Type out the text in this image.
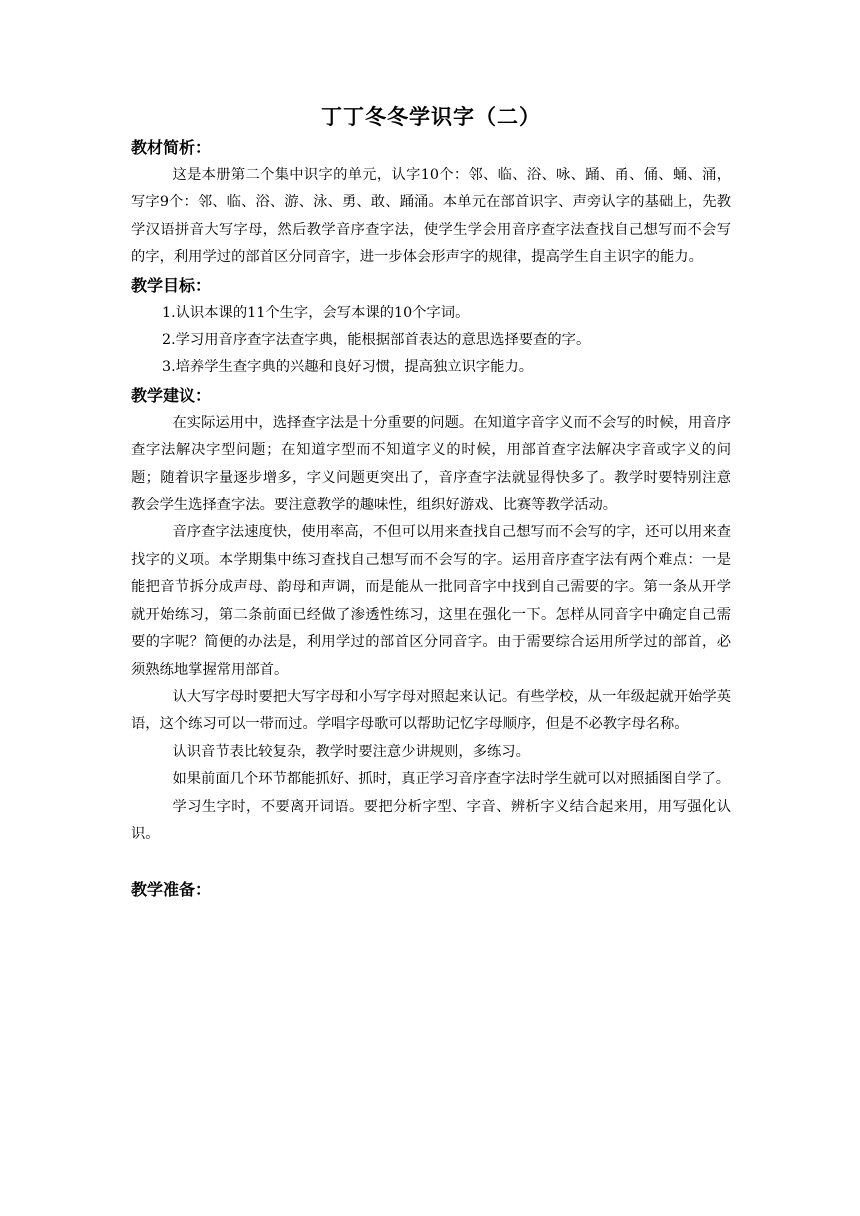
丁丁冬冬学识字（二）
教材简析：

这是本册第二个集中识字的单元，认字10个：邻、临、浴、咏、踊、甬、俑、蛹、涌，写字9个：邻、临、浴、游、泳、勇、敢、踊涌。本单元在部首识字、声旁认字的基础上，先教学汉语拼音大写字母，然后教学音序查字法，使学生学会用音序查字法查找自己想写而不会写的字，利用学过的部首区分同音字，进一步体会形声字的规律，提高学生自主识字的能力。

教学目标：

1.认识本课的11个生字，会写本课的10个字词。

2.学习用音序查字法查字典，能根据部首表达的意思选择要查的字。

3.培养学生查字典的兴趣和良好习惯，提高独立识字能力。

教学建议：

在实际运用中，选择查字法是十分重要的问题。在知道字音字义而不会写的时候，用音序查字法解决字型问题；在知道字型而不知道字义的时候，用部首查字法解决字音或字义的问题；随着识字量逐步增多，字义问题更突出了，音序查字法就显得快多了。教学时要特别注意教会学生选择查字法。要注意教学的趣味性，组织好游戏、比赛等教学活动。

音序查字法速度快，使用率高，不但可以用来查找自己想写而不会写的字，还可以用来查找字的义项。本学期集中练习查找自己想写而不会写的字。运用音序查字法有两个难点：一是能把音节拆分成声母、韵母和声调，而是能从一批同音字中找到自己需要的字。第一条从开学就开始练习，第二条前面已经做了渗透性练习，这里在强化一下。怎样从同音字中确定自己需要的字呢？简便的办法是，利用学过的部首区分同音字。由于需要综合运用所学过的部首，必须熟练地掌握常用部首。

认大写字母时要把大写字母和小写字母对照起来认记。有些学校，从一年级起就开始学英语，这个练习可以一带而过。学唱字母歌可以帮助记忆字母顺序，但是不必教字母名称。

认识音节表比较复杂，教学时要注意少讲规则，多练习。

如果前面几个环节都能抓好、抓时，真正学习音序查字法时学生就可以对照插图自学了。

学习生字时，不要离开词语。要把分析字型、字音、辨析字义结合起来用，用写强化认识。

教学准备：
